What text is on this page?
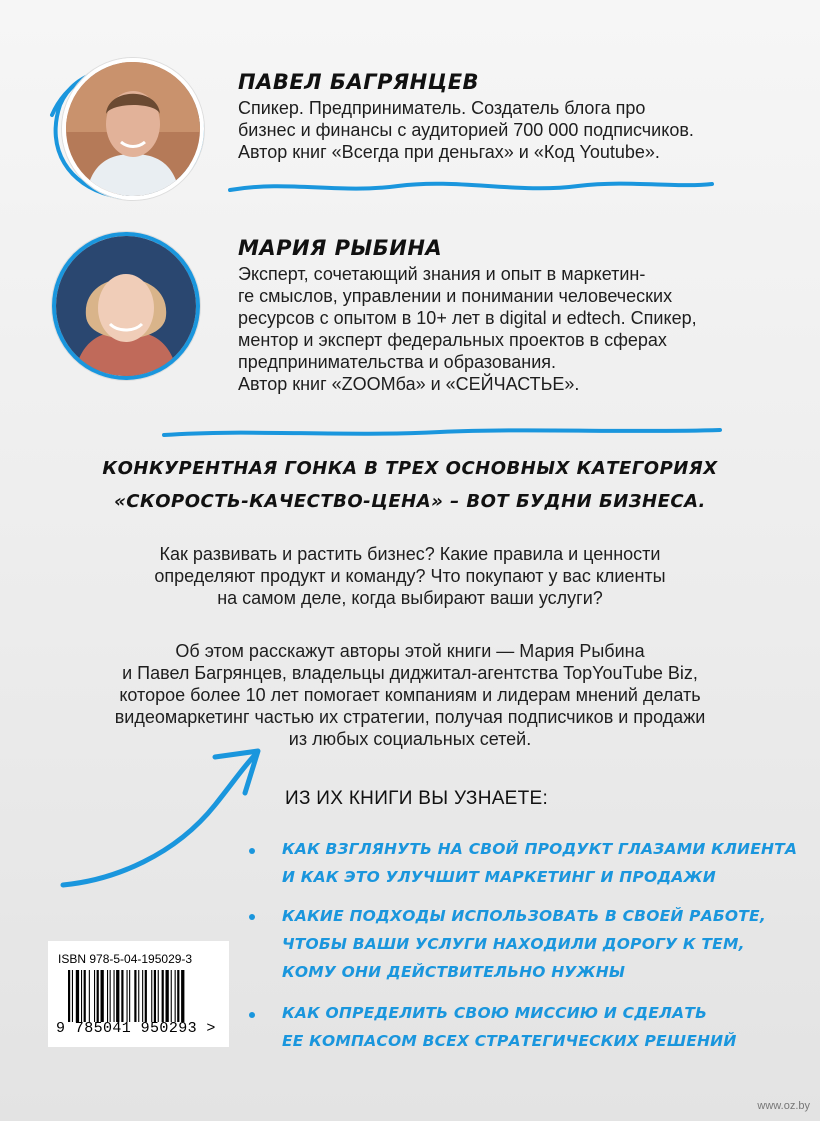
ПАВЕЛ БАГРЯНЦЕВ
Спикер. Предприниматель. Создатель блога про
бизнес и финансы с аудиторией 700 000 подписчиков.
Автор книг «Всегда при деньгах» и «Код Youtube».
МАРИЯ РЫБИНА
Эксперт, сочетающий знания и опыт в маркетин-
ге смыслов, управлении и понимании человеческих
ресурсов с опытом в 10+ лет в digital и edtech. Спикер,
ментор и эксперт федеральных проектов в сферах
предпринимательства и образования.
Автор книг «ZOOMба» и «СЕЙЧАСТЬЕ».
КОНКУРЕНТНАЯ ГОНКА В ТРЕХ ОСНОВНЫХ КАТЕГОРИЯХ
«СКОРОСТЬ-КАЧЕСТВО-ЦЕНА» – ВОТ БУДНИ БИЗНЕСА.
Как развивать и растить бизнес? Какие правила и ценности
определяют продукт и команду? Что покупают у вас клиенты
на самом деле, когда выбирают ваши услуги?
Об этом расскажут авторы этой книги — Мария Рыбина
и Павел Багрянцев, владельцы диджитал-агентства TopYouTube Biz,
которое более 10 лет помогает компаниям и лидерам мнений делать
видеомаркетинг частью их стратегии, получая подписчиков и продажи
из любых социальных сетей.
ИЗ ИХ КНИГИ ВЫ УЗНАЕТЕ:
КАК ВЗГЛЯНУТЬ НА СВОЙ ПРОДУКТ ГЛАЗАМИ КЛИЕНТА
И КАК ЭТО УЛУЧШИТ МАРКЕТИНГ И ПРОДАЖИ
КАКИЕ ПОДХОДЫ ИСПОЛЬЗОВАТЬ В СВОЕЙ РАБОТЕ,
ЧТОБЫ ВАШИ УСЛУГИ НАХОДИЛИ ДОРОГУ К ТЕМ,
КОМУ ОНИ ДЕЙСТВИТЕЛЬНО НУЖНЫ
КАК ОПРЕДЕЛИТЬ СВОЮ МИССИЮ И СДЕЛАТЬ
ЕЕ КОМПАСОМ ВСЕХ СТРАТЕГИЧЕСКИХ РЕШЕНИЙ
ISBN 978-5-04-195029-3
9 785041 950293 >
www.oz.by
